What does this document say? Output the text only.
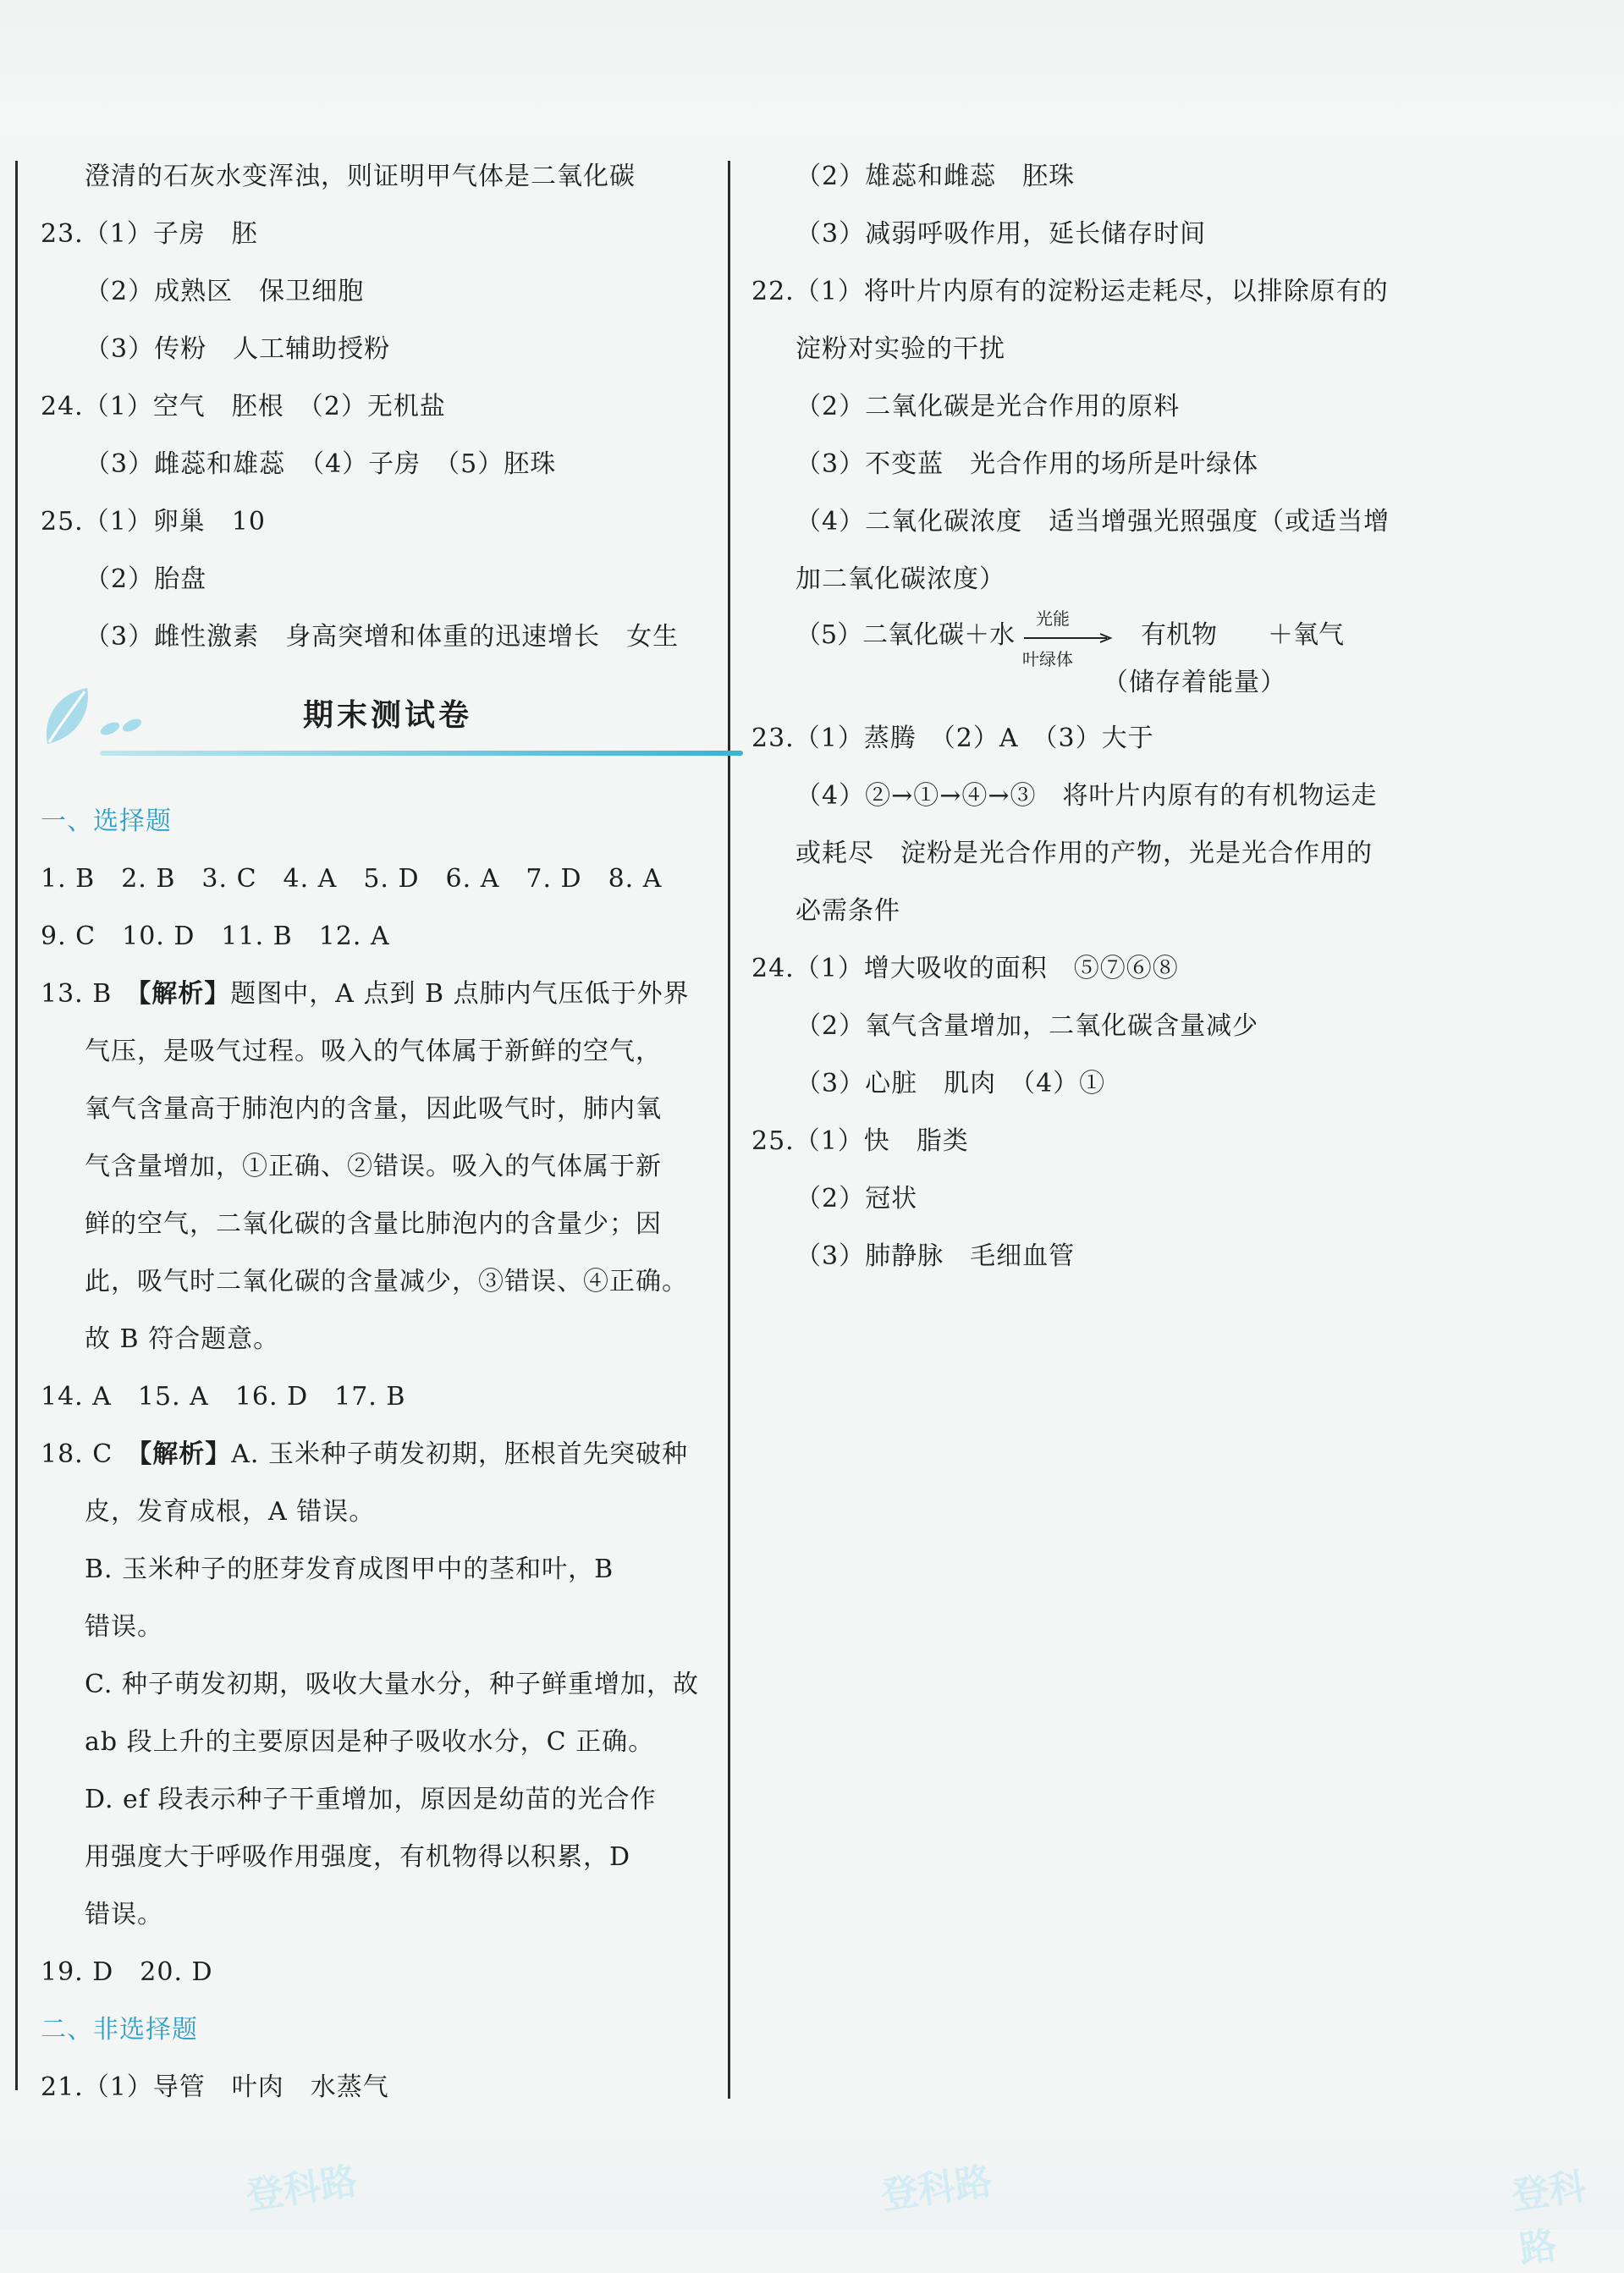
澄清的石灰水变浑浊，则证明甲气体是二氧化碳
23.（1）子房　胚
（2）成熟区　保卫细胞
（3）传粉　人工辅助授粉
24.（1）空气　胚根　（2）无机盐
（3）雌蕊和雄蕊　（4）子房　（5）胚珠
25.（1）卵巢　10
（2）胎盘
（3）雌性激素　身高突增和体重的迅速增长　女生
期末测试卷
一、选择题
1. B　2. B　3. C　4. A　5. D　6. A　7. D　8. A
9. C　10. D　11. B　12. A
13. B　【解析】题图中，A 点到 B 点肺内气压低于外界
气压，是吸气过程。吸入的气体属于新鲜的空气，
氧气含量高于肺泡内的含量，因此吸气时，肺内氧
气含量增加，①正确、②错误。吸入的气体属于新
鲜的空气，二氧化碳的含量比肺泡内的含量少；因
此，吸气时二氧化碳的含量减少，③错误、④正确。
故 B 符合题意。
14. A　15. A　16. D　17. B
18. C　【解析】A. 玉米种子萌发初期，胚根首先突破种
皮，发育成根，A 错误。
B. 玉米种子的胚芽发育成图甲中的茎和叶，B
错误。
C. 种子萌发初期，吸收大量水分，种子鲜重增加，故
ab 段上升的主要原因是种子吸收水分，C 正确。
D. ef 段表示种子干重增加，原因是幼苗的光合作
用强度大于呼吸作用强度，有机物得以积累，D
错误。
19. D　20. D
二、非选择题
21.（1）导管　叶肉　水蒸气
（2）雄蕊和雌蕊　胚珠
（3）减弱呼吸作用，延长储存时间
22.（1）将叶片内原有的淀粉运走耗尽，以排除原有的
淀粉对实验的干扰
（2）二氧化碳是光合作用的原料
（3）不变蓝　光合作用的场所是叶绿体
（4）二氧化碳浓度　适当增强光照强度（或适当增
加二氧化碳浓度）
（5）二氧化碳＋水
光能
叶绿体
有机物　　＋氧气
（储存着能量）
23.（1）蒸腾　（2）A　（3）大于
（4）②→①→④→③　将叶片内原有的有机物运走
或耗尽　淀粉是光合作用的产物，光是光合作用的
必需条件
24.（1）增大吸收的面积　⑤⑦⑥⑧
（2）氧气含量增加，二氧化碳含量减少
（3）心脏　肌肉　（4）①
25.（1）快　脂类
（2）冠状
（3）肺静脉　毛细血管
登科路	登科路	登科路
